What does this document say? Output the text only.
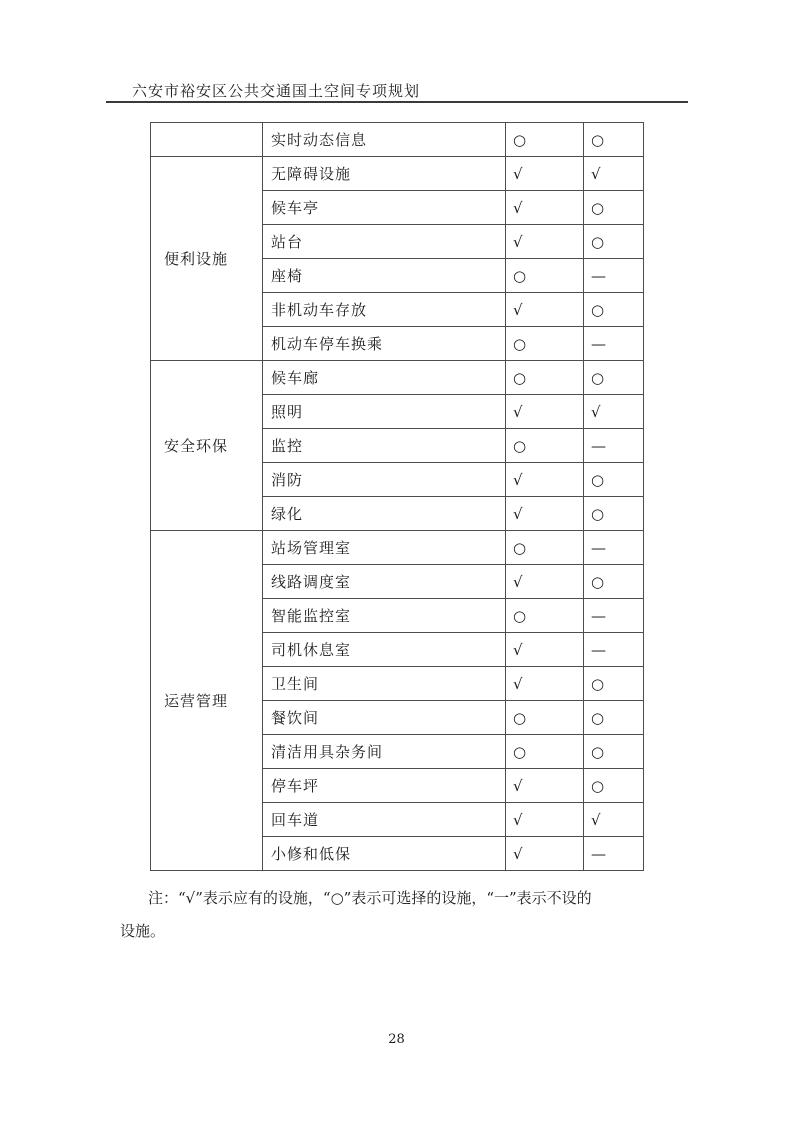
六安市裕安区公共交通国土空间专项规划
	实时动态信息	○	○
便利设施	无障碍设施	√	√
	候车亭	√	○
	站台	√	○
	座椅	○	—
	非机动车存放	√	○
	机动车停车换乘	○	—
安全环保	候车廊	○	○
	照明	√	√
	监控	○	—
	消防	√	○
	绿化	√	○
运营管理	站场管理室	○	—
	线路调度室	√	○
	智能监控室	○	—
	司机休息室	√	—
	卫生间	√	○
	餐饮间	○	○
	清洁用具杂务间	○	○
	停车坪	√	○
	回车道	√	√
	小修和低保	√	—
注：“√”表示应有的设施，“○”表示可选择的设施，“一”表示不设的
设施。
28
